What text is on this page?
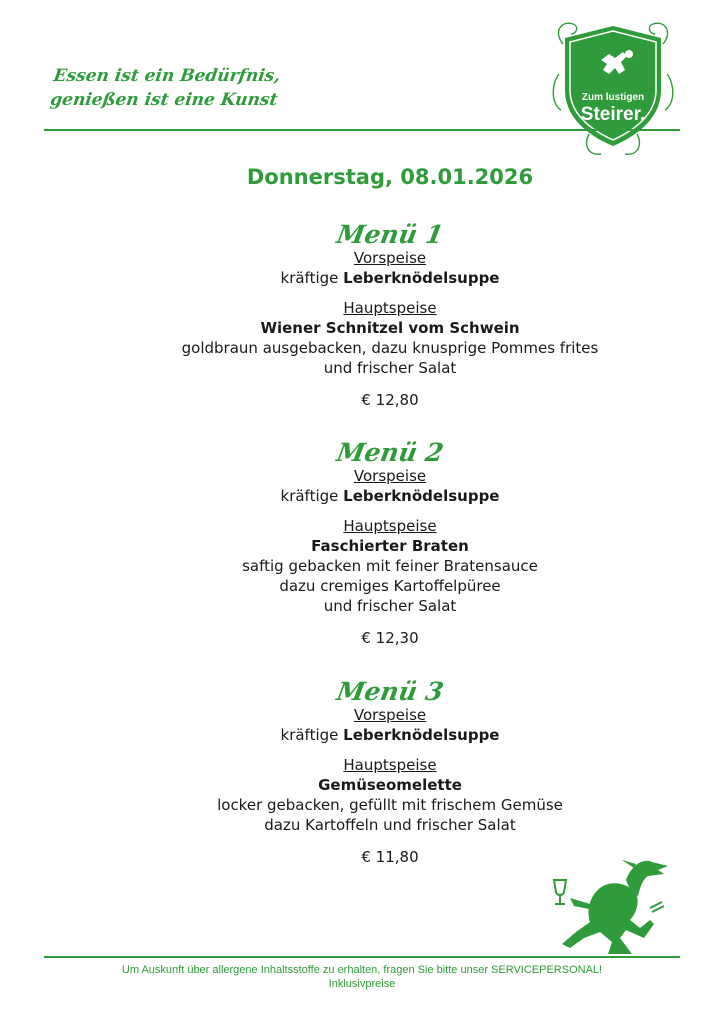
Essen ist ein Bedürfnis,
genießen ist eine Kunst	Zum lustigen
Steirer.
Donnerstag, 08.01.2026
Menü 1
Vorspeise
kräftige Leberknödelsuppe
Hauptspeise
Wiener Schnitzel vom Schwein
goldbraun ausgebacken, dazu knusprige Pommes frites
und frischer Salat
€ 12,80
Menü 2
Vorspeise
kräftige Leberknödelsuppe
Hauptspeise
Faschierter Braten
saftig gebacken mit feiner Bratensauce
dazu cremiges Kartoffelpüree
und frischer Salat
€ 12,30
Menü 3
Vorspeise
kräftige Leberknödelsuppe
Hauptspeise
Gemüseomelette
locker gebacken, gefüllt mit frischem Gemüse
dazu Kartoffeln und frischer Salat
€ 11,80
Um Auskunft über allergene Inhaltsstoffe zu erhalten, fragen Sie bitte unser SERVICEPERSONAL!
Inklusivpreise
